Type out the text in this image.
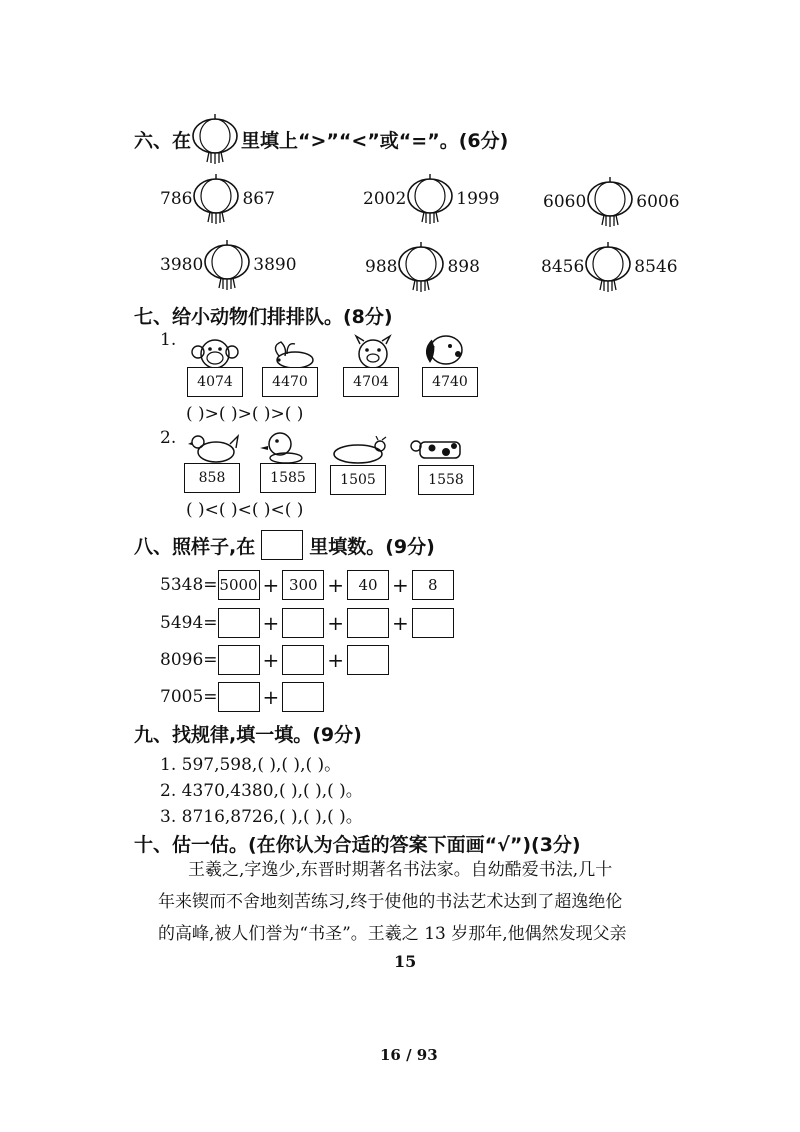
六、在	里填上“>”“<”或“=”。(6分)
786	867	2002	1999	6060	6006
3980	3890	988	898	8456	8546
七、给小动物们排排队。(8分)
1.
4074	4470	4704	4740
( )>( )>( )>( )
2.
858	1585	1505	1558
( )<( )<( )<( )
八、照样子,在	里填数。(9分)
5348= 5000 + 300 + 40 +	8
5494= + + +
8096= + +
7005= +
九、找规律,填一填。(9分)
1. 597,598,( ),( ),( )。
2. 4370,4380,( ),( ),( )。
3. 8716,8726,( ),( ),( )。
十、估一估。(在你认为合适的答案下面画“√”)(3分)
王羲之,字逸少,东晋时期著名书法家。自幼酷爱书法,几十
年来锲而不舍地刻苦练习,终于使他的书法艺术达到了超逸绝伦
的高峰,被人们誉为“书圣”。王羲之 13 岁那年,他偶然发现父亲
15
16 / 93
